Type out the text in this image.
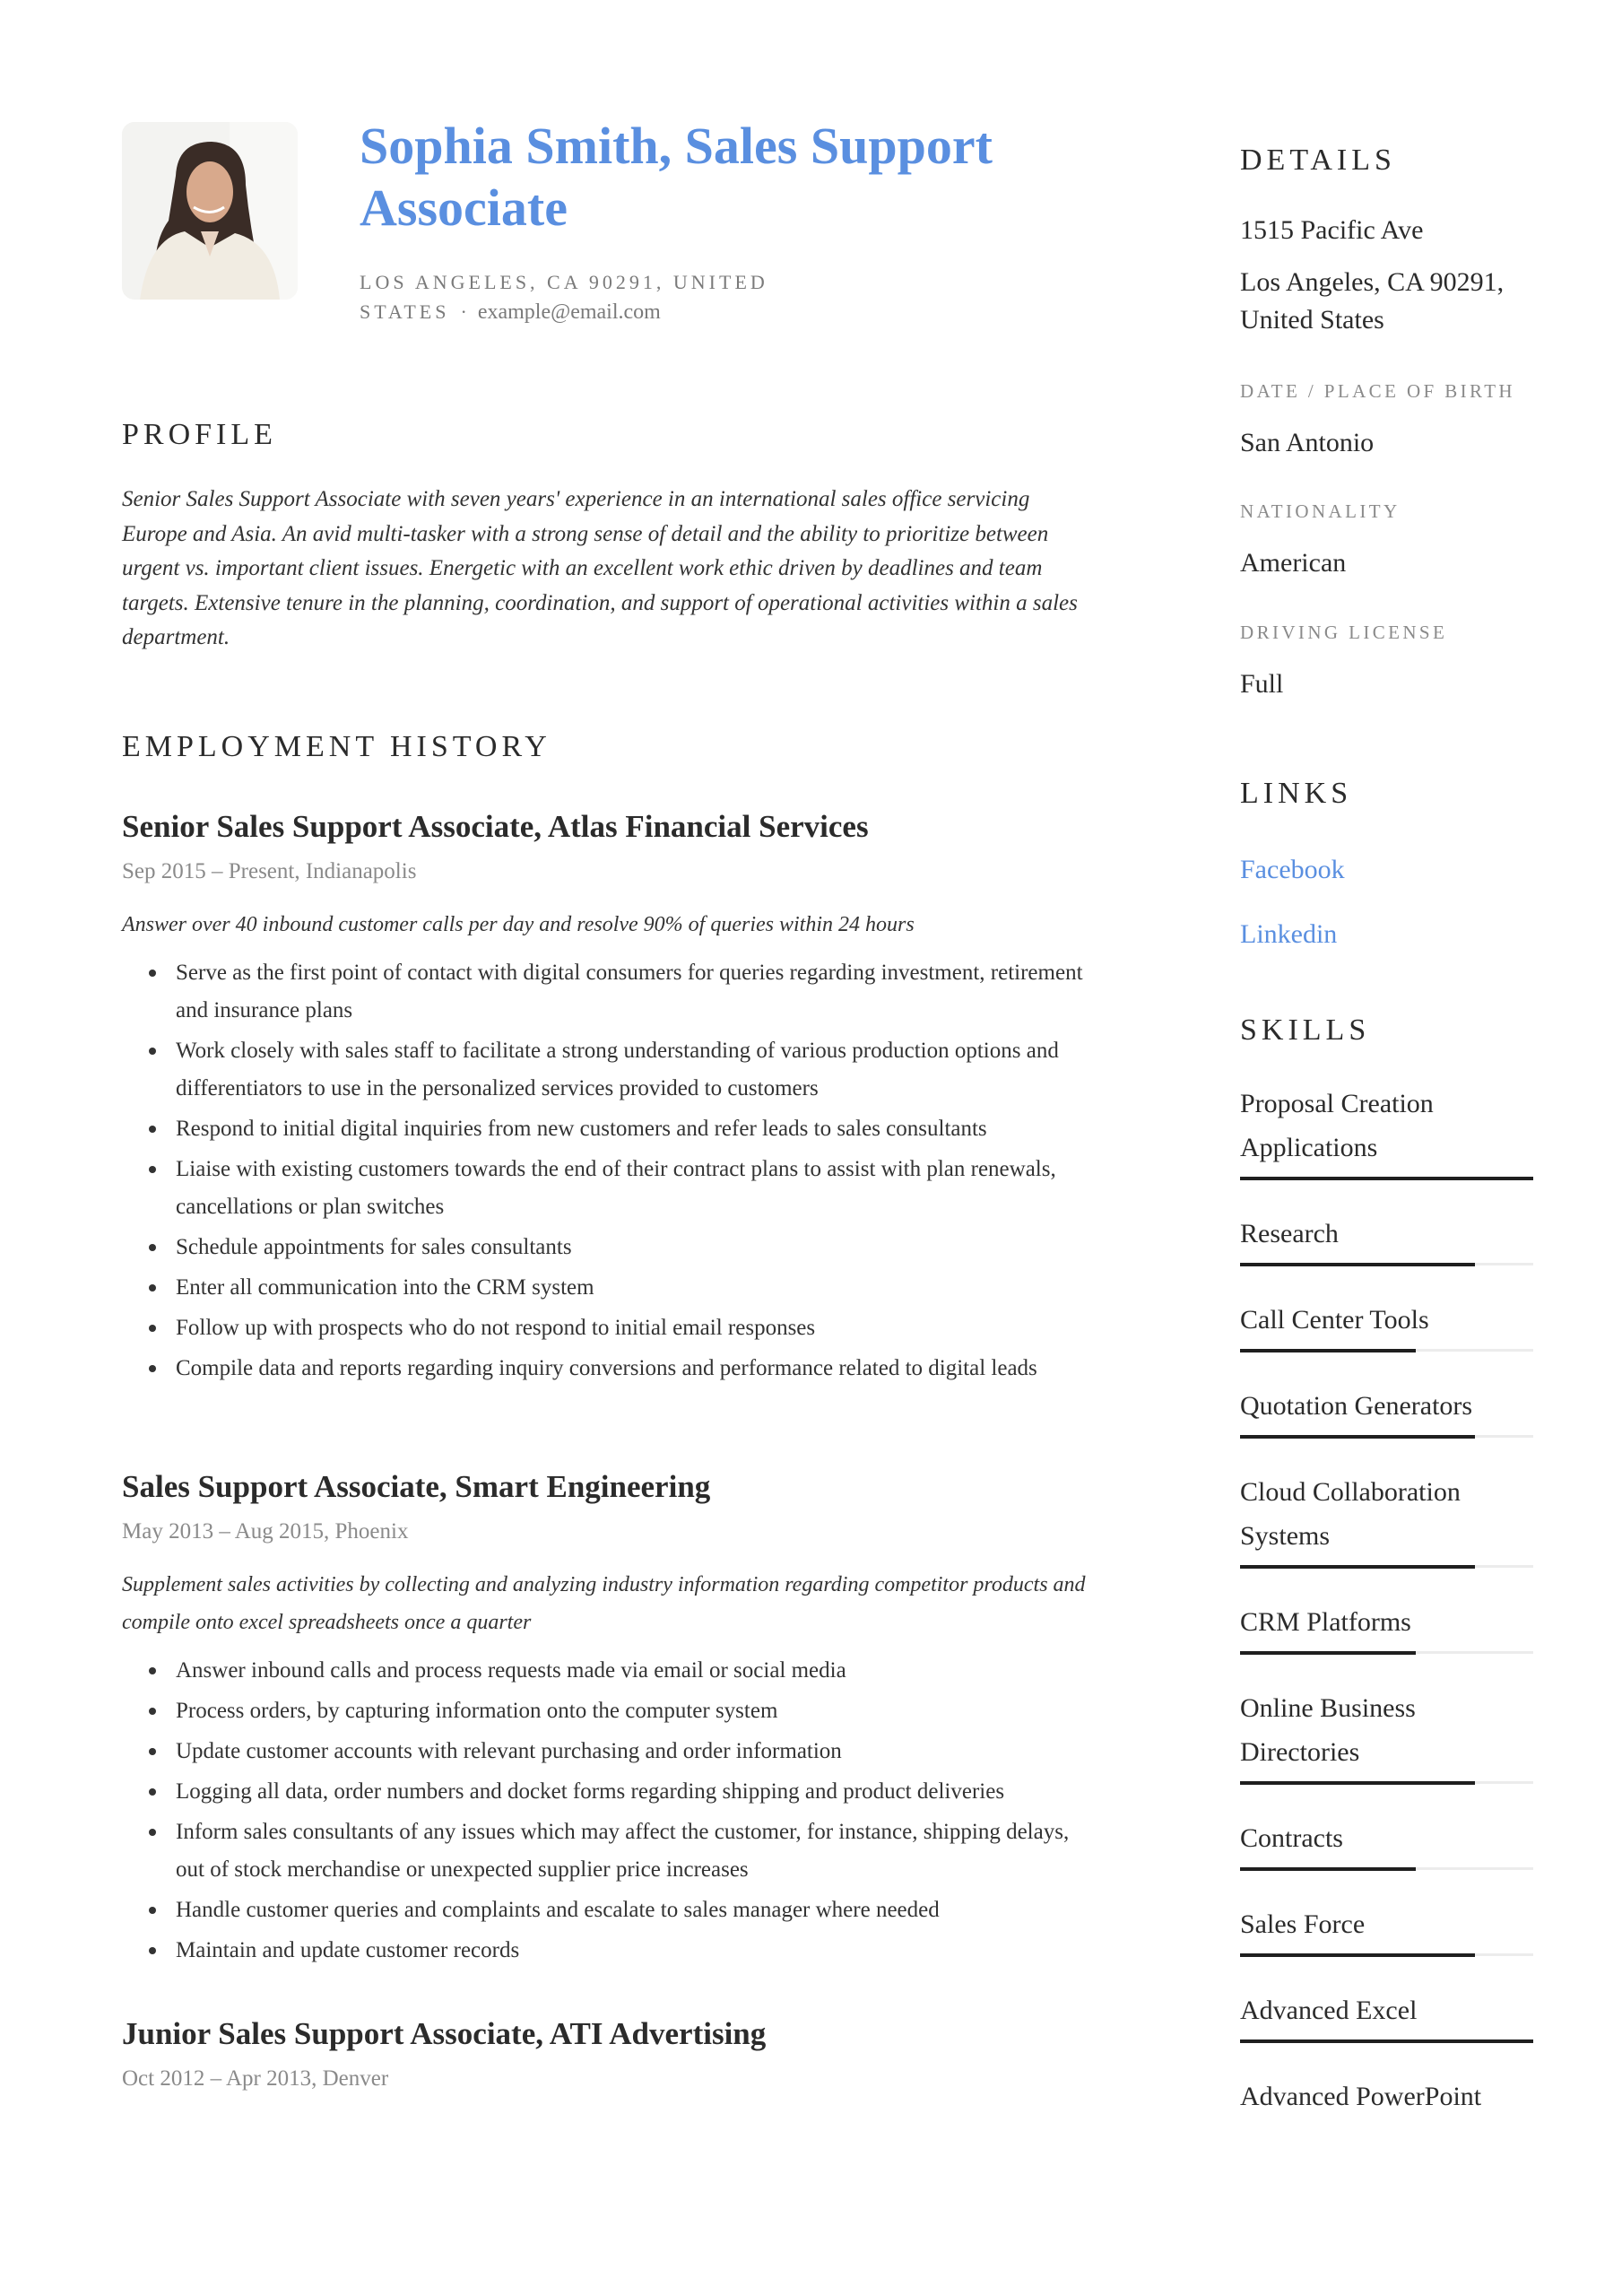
Sophia Smith, Sales Support Associate
LOS ANGELES, CA 90291, UNITED STATES · example@email.com
PROFILE
Senior Sales Support Associate with seven years' experience in an international sales office servicing Europe and Asia. An avid multi-tasker with a strong sense of detail and the ability to prioritize between urgent vs. important client issues. Energetic with an excellent work ethic driven by deadlines and team targets. Extensive tenure in the planning, coordination, and support of operational activities within a sales department.
EMPLOYMENT HISTORY
Senior Sales Support Associate, Atlas Financial Services
Sep 2015 – Present, Indianapolis
Answer over 40 inbound customer calls per day and resolve 90% of queries within 24 hours
Serve as the first point of contact with digital consumers for queries regarding investment, retirement and insurance plans
Work closely with sales staff to facilitate a strong understanding of various production options and differentiators to use in the personalized services provided to customers
Respond to initial digital inquiries from new customers and refer leads to sales consultants
Liaise with existing customers towards the end of their contract plans to assist with plan renewals, cancellations or plan switches
Schedule appointments for sales consultants
Enter all communication into the CRM system
Follow up with prospects who do not respond to initial email responses
Compile data and reports regarding inquiry conversions and performance related to digital leads
Sales Support Associate, Smart Engineering
May 2013 – Aug 2015, Phoenix
Supplement sales activities by collecting and analyzing industry information regarding competitor products and compile onto excel spreadsheets once a quarter
Answer inbound calls and process requests made via email or social media
Process orders, by capturing information onto the computer system
Update customer accounts with relevant purchasing and order information
Logging all data, order numbers and docket forms regarding shipping and product deliveries
Inform sales consultants of any issues which may affect the customer, for instance, shipping delays, out of stock merchandise or unexpected supplier price increases
Handle customer queries and complaints and escalate to sales manager where needed
Maintain and update customer records
Junior Sales Support Associate, ATI Advertising
Oct 2012 – Apr 2013, Denver
DETAILS
1515 Pacific Ave
Los Angeles, CA 90291, United States
DATE / PLACE OF BIRTH
San Antonio
NATIONALITY
American
DRIVING LICENSE
Full
LINKS
Facebook
Linkedin
SKILLS
Proposal Creation Applications
Research
Call Center Tools
Quotation Generators
Cloud Collaboration Systems
CRM Platforms
Online Business Directories
Contracts
Sales Force
Advanced Excel
Advanced PowerPoint
